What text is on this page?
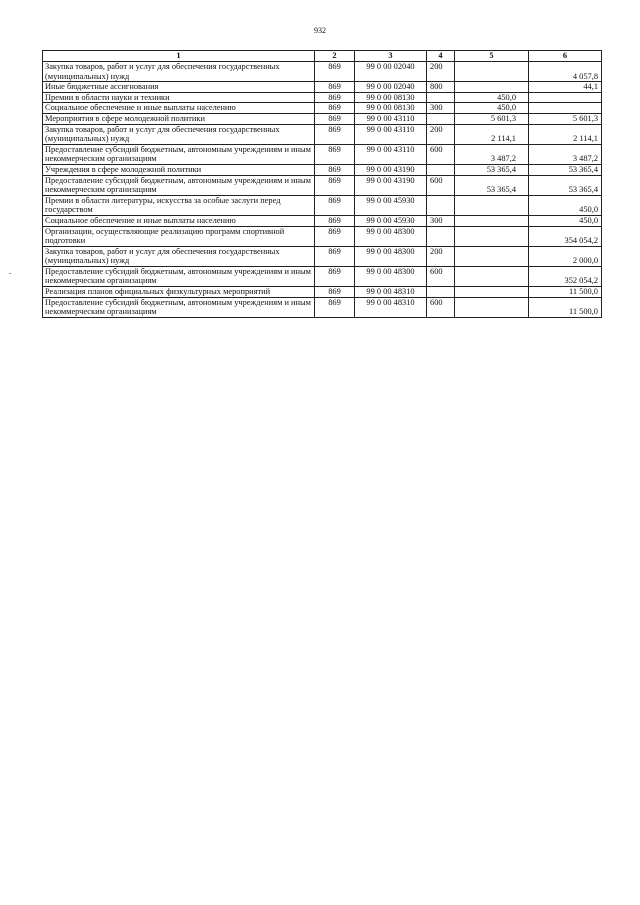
932
-
1	2	3	4	5	6
Закупка товаров, работ и услуг для обеспечения государственных (муниципальных) нужд	869	99 0 00 02040	200		4 057,8
Иные бюджетные ассигнования	869	99 0 00 02040	800		44,1
Премии в области науки и техники	869	99 0 00 08130		450,0	
Социальное обеспечение и иные выплаты населению	869	99 0 00 08130	300	450,0	
Мероприятия в сфере молодежной политики	869	99 0 00 43110		5 601,3	5 601,3
Закупка товаров, работ и услуг для обеспечения государственных (муниципальных) нужд	869	99 0 00 43110	200	2 114,1	2 114,1
Предоставление субсидий бюджетным, автономным учреждениям и иным некоммерческим организациям	869	99 0 00 43110	600	3 487,2	3 487,2
Учреждения в сфере молодежной политики	869	99 0 00 43190		53 365,4	53 365,4
Предоставление субсидий бюджетным, автономным учреждениям и иным некоммерческим организациям	869	99 0 00 43190	600	53 365,4	53 365,4
Премии в области литературы, искусства за особые заслуги перед государством	869	99 0 00 45930			450,0
Социальное обеспечение и иные выплаты населению	869	99 0 00 45930	300		450,0
Организации, осуществляющие реализацию программ спортивной подготовки	869	99 0 00 48300			354 054,2
Закупка товаров, работ и услуг для обеспечения государственных (муниципальных) нужд	869	99 0 00 48300	200		2 000,0
Предоставление субсидий бюджетным, автономным учреждениям и иным некоммерческим организациям	869	99 0 00 48300	600		352 054,2
Реализация планов официальных физкультурных мероприятий	869	99 0 00 48310			11 500,0
Предоставление субсидий бюджетным, автономным учреждениям и иным некоммерческим организациям	869	99 0 00 48310	600		11 500,0
